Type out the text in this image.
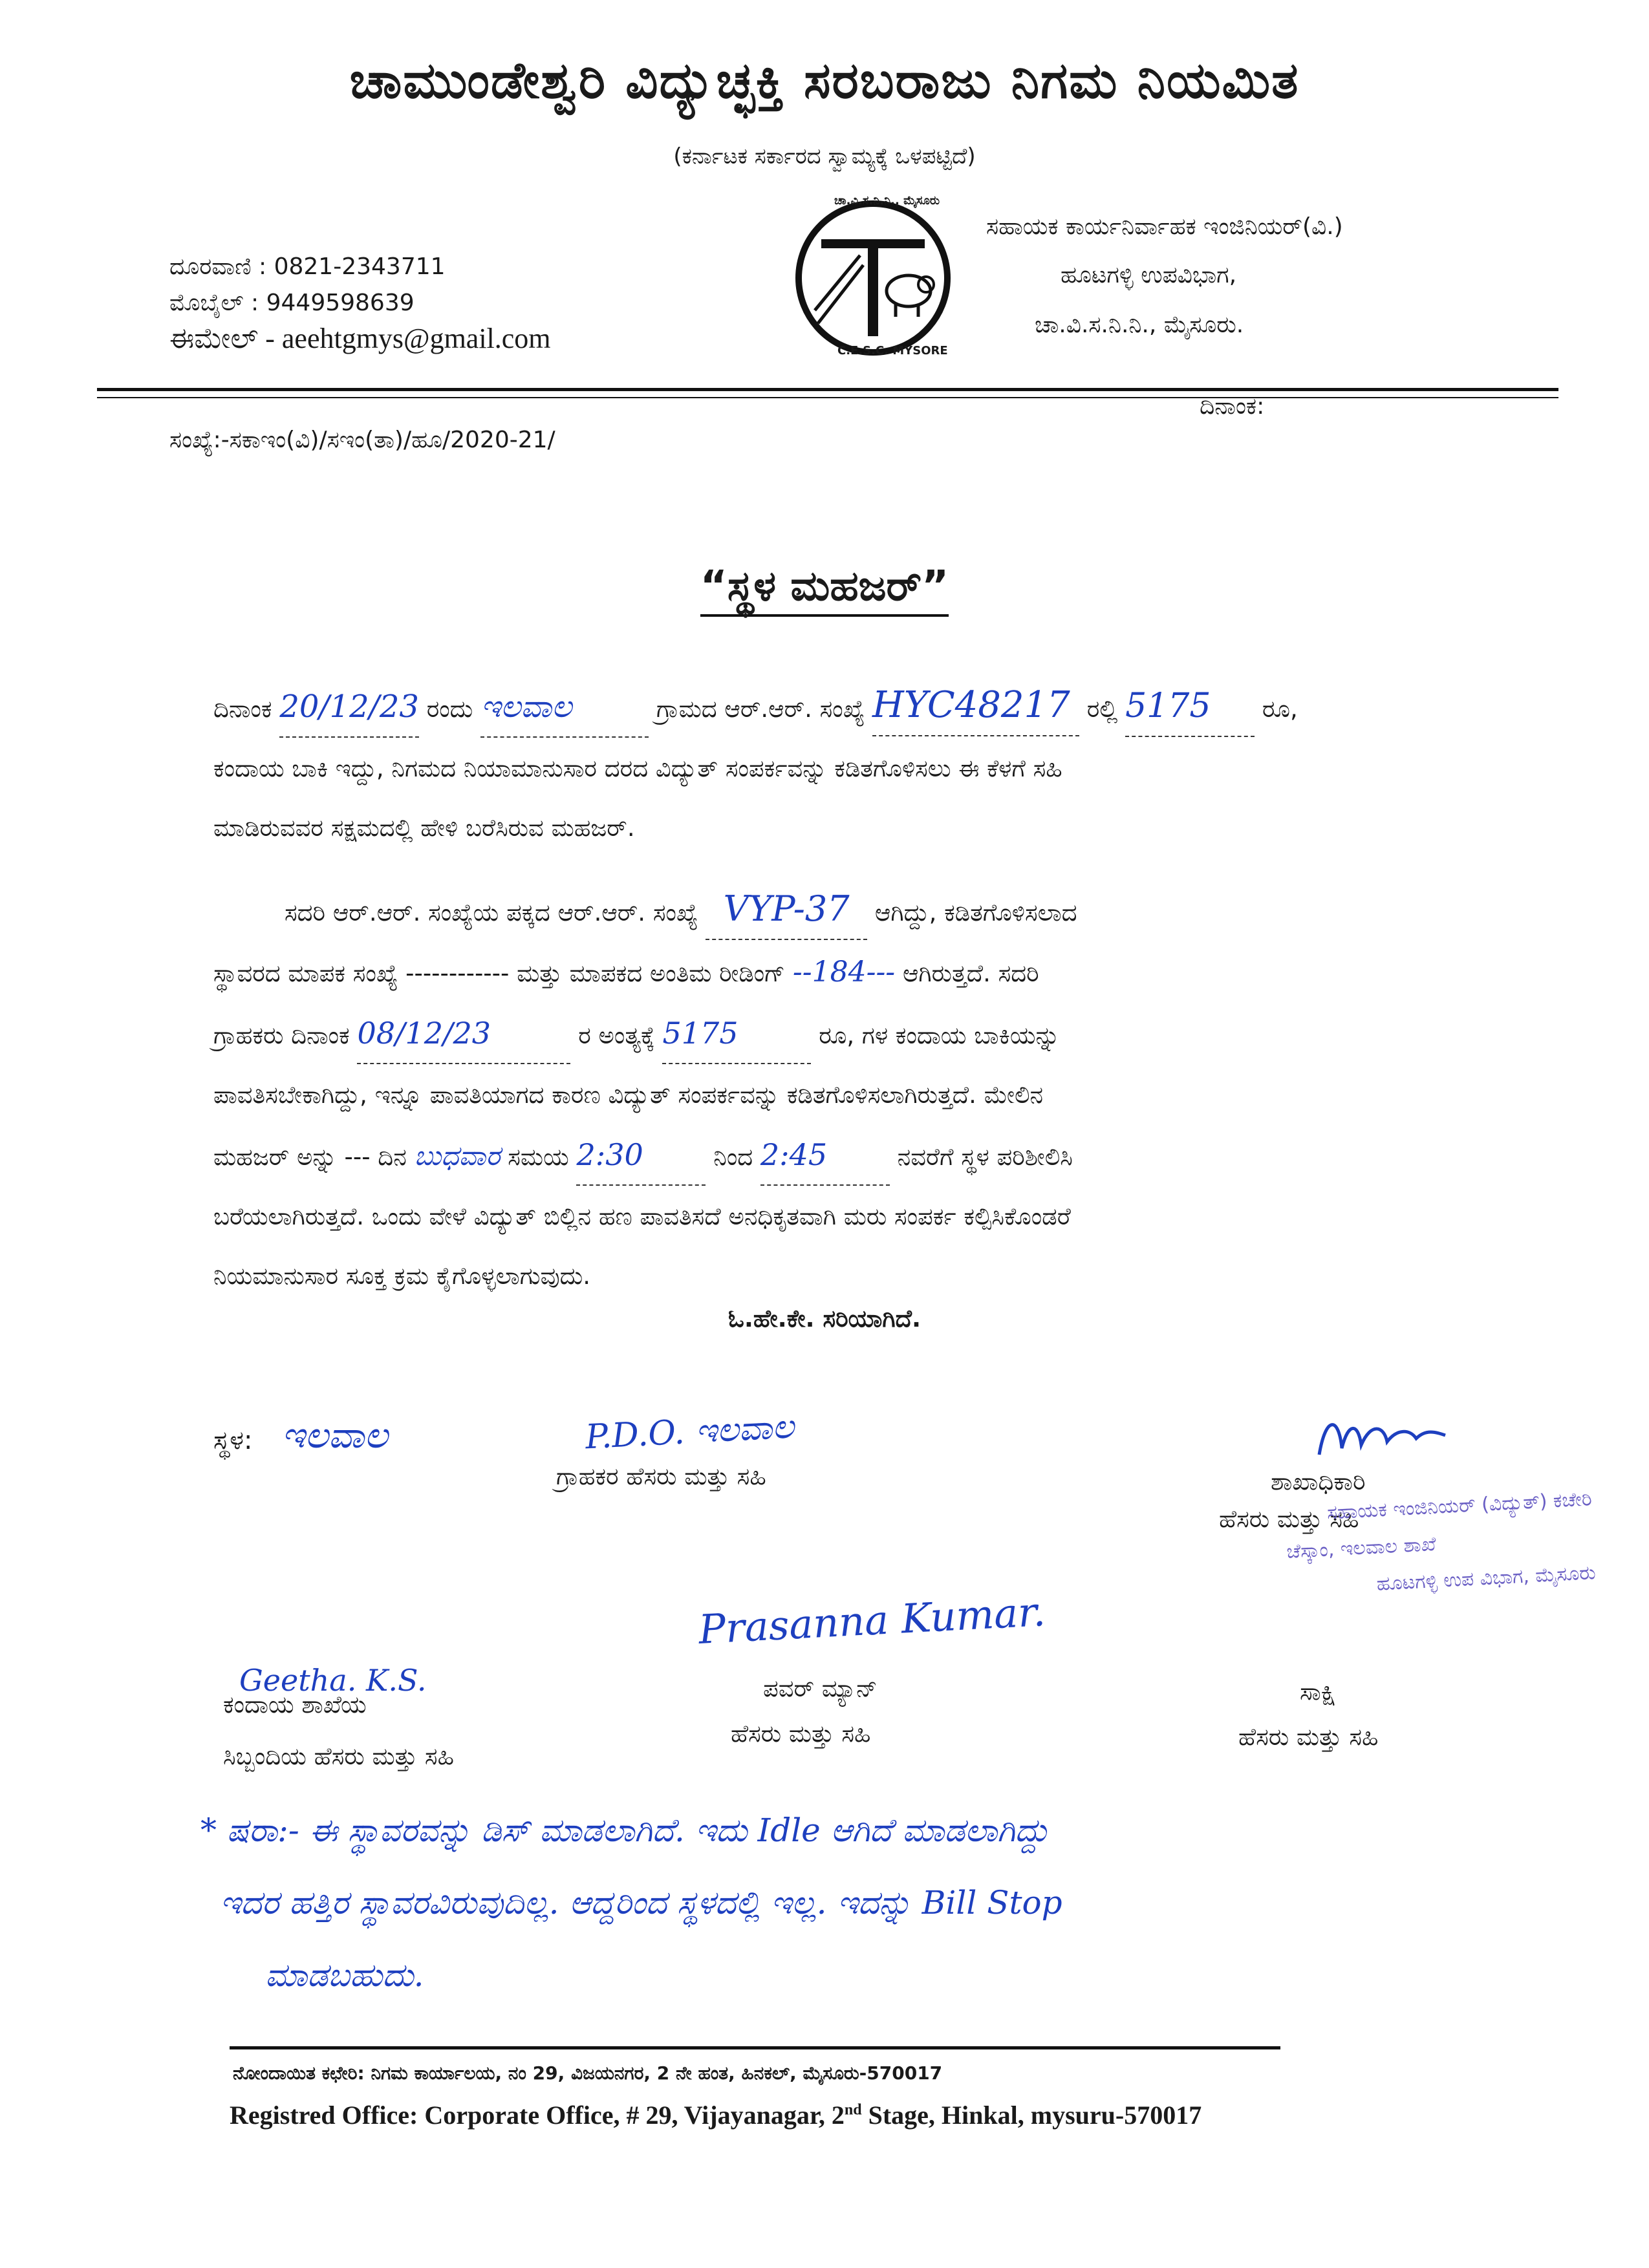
ಚಾಮುಂಡೇಶ್ವರಿ ವಿದ್ಯುಚ್ಛಕ್ತಿ ಸರಬರಾಜು ನಿಗಮ ನಿಯಮಿತ
(ಕರ್ನಾಟಕ ಸರ್ಕಾರದ ಸ್ವಾಮ್ಯಕ್ಕೆ ಒಳಪಟ್ಟಿದೆ)
ದೂರವಾಣಿ : 0821-2343711
ಮೊಬೈಲ್ : 9449598639
ಈಮೇಲ್ - aeehtgmys@gmail.com
ಚಾ.ವಿ.ಸ.ನಿ.ನಿ., ಮೈಸೂರು
C.E.S.C. MYSORE
ಸಹಾಯಕ ಕಾರ್ಯನಿರ್ವಾಹಕ ಇಂಜಿನಿಯರ್(ವಿ.)
ಹೂಟಗಳ್ಳಿ ಉಪವಿಭಾಗ,
ಚಾ.ವಿ.ಸ.ನಿ.ನಿ., ಮೈಸೂರು.
ದಿನಾಂಕ:
ಸಂಖ್ಯೆ:-ಸಕಾಇಂ(ವಿ)/ಸಇಂ(ತಾ)/ಹೂ/2020-21/
“ಸ್ಥಳ ಮಹಜರ್”
ದಿನಾಂಕ 20/12/23 ರಂದು ಇಲವಾಲ	ಗ್ರಾಮದ ಆರ್.ಆರ್. ಸಂಖ್ಯೆ HYC48217 ರಲ್ಲಿ 5175 ರೂ,
ಕಂದಾಯ ಬಾಕಿ ಇದ್ದು, ನಿಗಮದ ನಿಯಾಮಾನುಸಾರ ದರದ ವಿದ್ಯುತ್ ಸಂಪರ್ಕವನ್ನು ಕಡಿತಗೊಳಿಸಲು ಈ ಕೆಳಗೆ ಸಹಿ
ಮಾಡಿರುವವರ ಸಕ್ಷಮದಲ್ಲಿ ಹೇಳಿ ಬರೆಸಿರುವ ಮಹಜರ್.
ಸದರಿ ಆರ್.ಆರ್. ಸಂಖ್ಯೆಯ ಪಕ್ಕದ ಆರ್.ಆರ್. ಸಂಖ್ಯೆ VYP-37 ಆಗಿದ್ದು, ಕಡಿತಗೊಳಿಸಲಾದ
ಸ್ಥಾವರದ ಮಾಪಕ ಸಂಖ್ಯೆ ------------ ಮತ್ತು ಮಾಪಕದ ಅಂತಿಮ ರೀಡಿಂಗ್ --184--- ಆಗಿರುತ್ತದೆ. ಸದರಿ
ಗ್ರಾಹಕರು ದಿನಾಂಕ 08/12/23	ರ ಅಂತ್ಯಕ್ಕೆ 5175	ರೂ, ಗಳ ಕಂದಾಯ ಬಾಕಿಯನ್ನು
ಪಾವತಿಸಬೇಕಾಗಿದ್ದು, ಇನ್ನೂ ಪಾವತಿಯಾಗದ ಕಾರಣ ವಿದ್ಯುತ್ ಸಂಪರ್ಕವನ್ನು ಕಡಿತಗೊಳಿಸಲಾಗಿರುತ್ತದೆ. ಮೇಲಿನ
ಮಹಜರ್ ಅನ್ನು --- ದಿನ ಬುಧವಾರ ಸಮಯ 2:30	ನಿಂದ 2:45	ನವರೆಗೆ ಸ್ಥಳ ಪರಿಶೀಲಿಸಿ
ಬರೆಯಲಾಗಿರುತ್ತದೆ. ಒಂದು ವೇಳೆ ವಿದ್ಯುತ್ ಬಿಲ್ಲಿನ ಹಣ ಪಾವತಿಸದೆ ಅನಧಿಕೃತವಾಗಿ ಮರು ಸಂಪರ್ಕ ಕಲ್ಪಿಸಿಕೊಂಡರೆ
ನಿಯಮಾನುಸಾರ ಸೂಕ್ತ ಕ್ರಮ ಕೈಗೊಳ್ಳಲಾಗುವುದು.
ಓ.ಹೇ.ಕೇ. ಸರಿಯಾಗಿದೆ.
ಸ್ಥಳ: ಇಲವಾಲ	P.D.O. ಇಲವಾಲ
ಗ್ರಾಹಕರ ಹೆಸರು ಮತ್ತು ಸಹಿ	ಶಾಖಾಧಿಕಾರಿ
ಹೆಸರು ಮತ್ತು ಸಹಿ
ಸಹಾಯಕ ಇಂಜಿನಿಯರ್ (ವಿದ್ಯುತ್) ಕಚೇರಿ
ಚೆಸ್ಕಾಂ, ಇಲವಾಲ ಶಾಖೆ
ಹೂಟಗಳ್ಳಿ ಉಪ ವಿಭಾಗ, ಮೈಸೂರು
Prasanna Kumar.
Geetha. K.S.
ಕಂದಾಯ ಶಾಖೆಯ
ಸಿಬ್ಬಂದಿಯ ಹೆಸರು ಮತ್ತು ಸಹಿ
ಪವರ್ ಮ್ಯಾನ್
ಹೆಸರು ಮತ್ತು ಸಹಿ
ಸಾಕ್ಷಿ
ಹೆಸರು ಮತ್ತು ಸಹಿ
* ಷರಾ:- ಈ ಸ್ಥಾವರವನ್ನು ಡಿಸ್ ಮಾಡಲಾಗಿದೆ. ಇದು Idle ಆಗಿದೆ ಮಾಡಲಾಗಿದ್ದು
ಇದರ ಹತ್ತಿರ ಸ್ಥಾವರವಿರುವುದಿಲ್ಲ. ಆದ್ದರಿಂದ ಸ್ಥಳದಲ್ಲಿ ಇಲ್ಲ. ಇದನ್ನು Bill Stop
ಮಾಡಬಹುದು.
ನೋಂದಾಯಿತ ಕಛೇರಿ: ನಿಗಮ ಕಾರ್ಯಾಲಯ, ನಂ 29, ವಿಜಯನಗರ, 2 ನೇ ಹಂತ, ಹಿನಕಲ್, ಮೈಸೂರು-570017
Registred Office: Corporate Office, # 29, Vijayanagar, 2nd Stage, Hinkal, mysuru-570017
